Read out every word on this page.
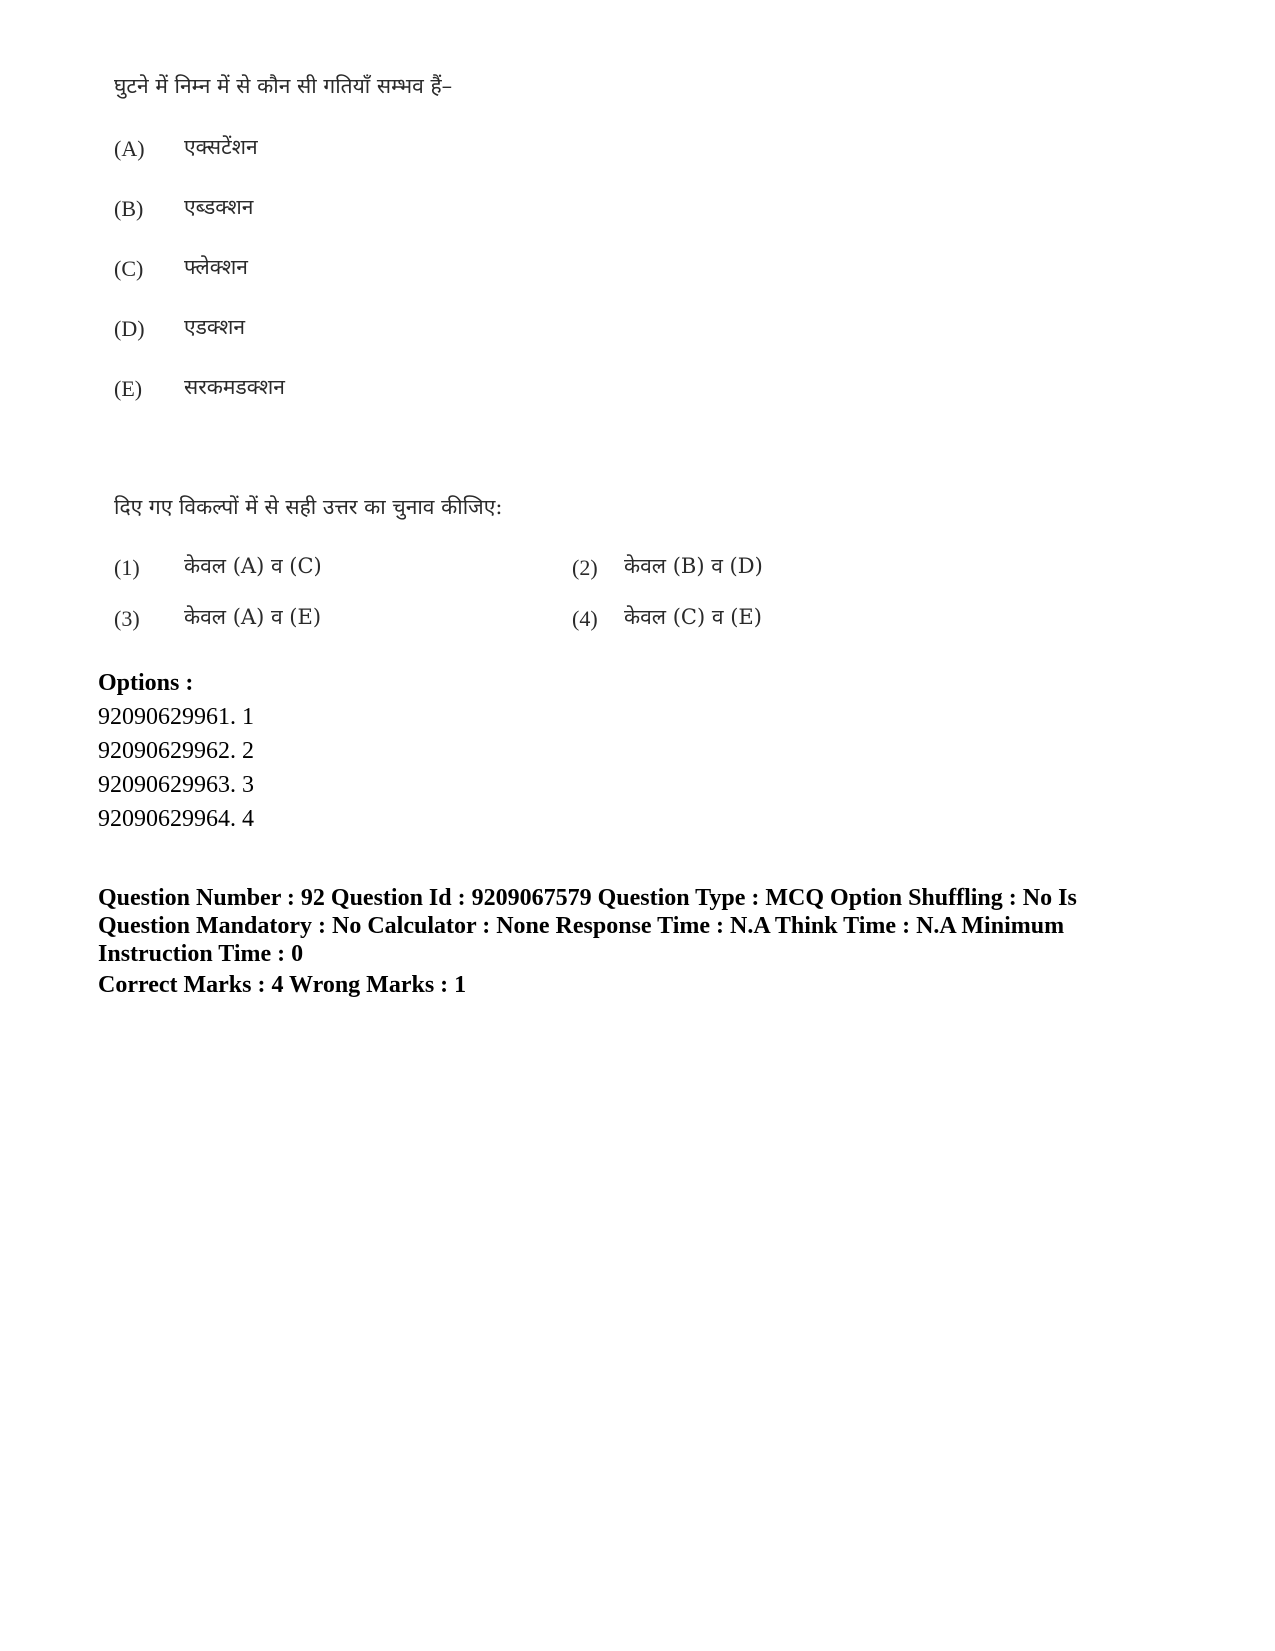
घुटने में निम्न में से कौन सी गतियाँ सम्भव हैं–
(A) एक्सटेंशन
(B) एब्डक्शन
(C) फ्लेक्शन
(D) एडक्शन
(E) सरकमडक्शन
दिए गए विकल्पों में से सही उत्तर का चुनाव कीजिए:
(1) केवल (A) व (C)	(2) केवल (B) व (D)
(3) केवल (A) व (E)	(4) केवल (C) व (E)
Options :
92090629961. 1
92090629962. 2
92090629963. 3
92090629964. 4
Question Number : 92 Question Id : 9209067579 Question Type : MCQ Option Shuffling : No Is
Question Mandatory : No Calculator : None Response Time : N.A Think Time : N.A Minimum
Instruction Time : 0
Correct Marks : 4 Wrong Marks : 1
